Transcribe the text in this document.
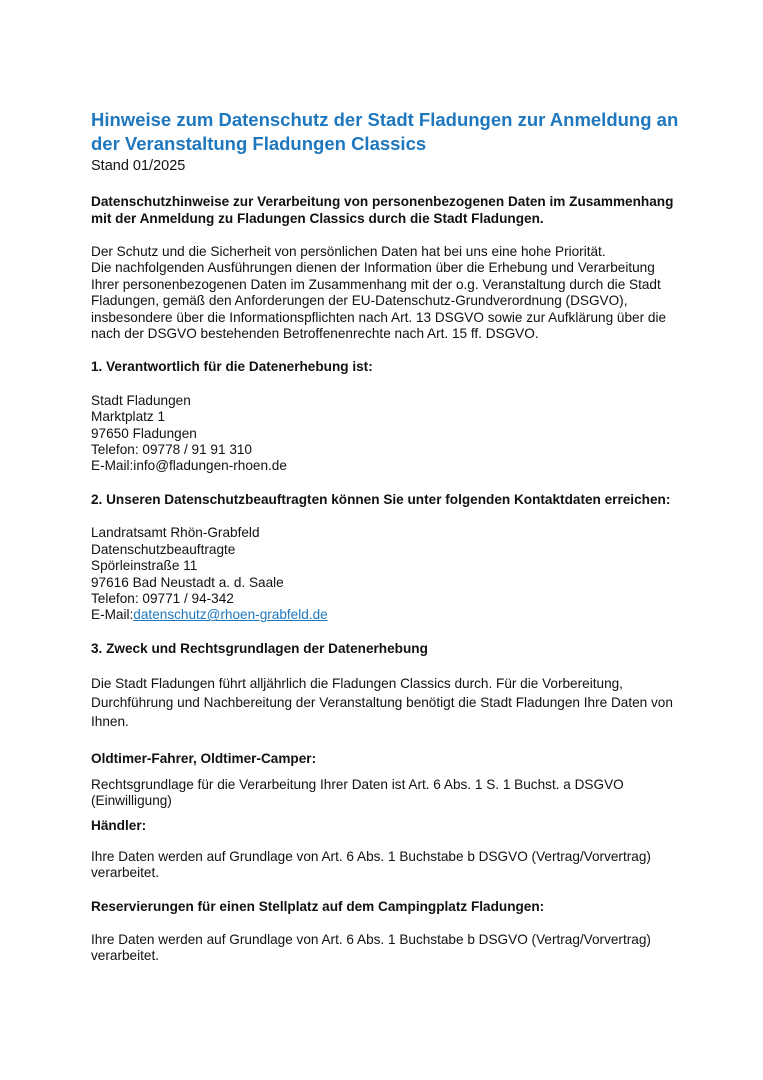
Hinweise zum Datenschutz der Stadt Fladungen zur Anmeldung an der Veranstaltung Fladungen Classics
Stand 01/2025
Datenschutzhinweise zur Verarbeitung von personenbezogenen Daten im Zusammenhang mit der Anmeldung zu Fladungen Classics durch die Stadt Fladungen.

Der Schutz und die Sicherheit von persönlichen Daten hat bei uns eine hohe Priorität.

Die nachfolgenden Ausführungen dienen der Information über die Erhebung und Verarbeitung Ihrer personenbezogenen Daten im Zusammenhang mit der o.g. Veranstaltung durch die Stadt Fladungen, gemäß den Anforderungen der EU-Datenschutz-Grundverordnung (DSGVO), insbesondere über die Informationspflichten nach Art. 13 DSGVO sowie zur Aufklärung über die nach der DSGVO bestehenden Betroffenenrechte nach Art. 15 ff. DSGVO.

1. Verantwortlich für die Datenerhebung ist:
Stadt Fladungen
Marktplatz 1
97650 Fladungen
Telefon: 09778 / 91 91 310
E-Mail:info@fladungen-rhoen.de
2. Unseren Datenschutzbeauftragten können Sie unter folgenden Kontaktdaten erreichen:
Landratsamt Rhön-Grabfeld
Datenschutzbeauftragte
Spörleinstraße 11
97616 Bad Neustadt a. d. Saale
Telefon: 09771 / 94-342
E-Mail:datenschutz@rhoen-grabfeld.de
3. Zweck und Rechtsgrundlagen der Datenerhebung

Die Stadt Fladungen führt alljährlich die Fladungen Classics durch. Für die Vorbereitung, Durchführung und Nachbereitung der Veranstaltung benötigt die Stadt Fladungen Ihre Daten von Ihnen.

Oldtimer-Fahrer, Oldtimer-Camper:

Rechtsgrundlage für die Verarbeitung Ihrer Daten ist Art. 6 Abs. 1 S. 1 Buchst. a DSGVO (Einwilligung)

Händler:

Ihre Daten werden auf Grundlage von Art. 6 Abs. 1 Buchstabe b DSGVO (Vertrag/Vorvertrag) verarbeitet.

Reservierungen für einen Stellplatz auf dem Campingplatz Fladungen:

Ihre Daten werden auf Grundlage von Art. 6 Abs. 1 Buchstabe b DSGVO (Vertrag/Vorvertrag) verarbeitet.
